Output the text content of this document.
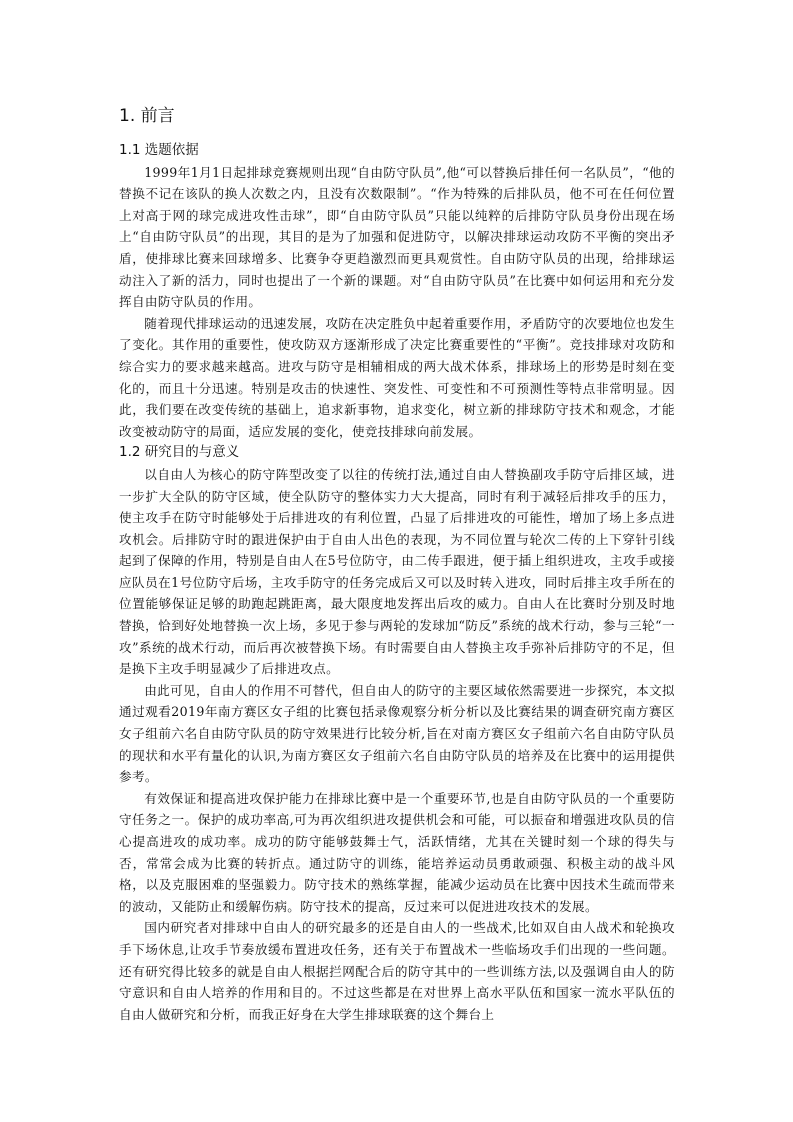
1. 前言
1.1 选题依据

1999年1月1日起排球竞赛规则出现“自由防守队员”,他“可以替换后排任何一名队员”，“他的替换不记在该队的换人次数之内，且没有次数限制”。“作为特殊的后排队员，他不可在任何位置上对高于网的球完成进攻性击球”，即“自由防守队员”只能以纯粹的后排防守队员身份出现在场上“自由防守队员”的出现，其目的是为了加强和促进防守，以解决排球运动攻防不平衡的突出矛盾，使排球比赛来回球增多、比赛争夺更趋激烈而更具观赏性。自由防守队员的出现，给排球运动注入了新的活力，同时也提出了一个新的课题。对“自由防守队员”在比赛中如何运用和充分发挥自由防守队员的作用。

随着现代排球运动的迅速发展，攻防在决定胜负中起着重要作用，矛盾防守的次要地位也发生了变化。其作用的重要性，使攻防双方逐渐形成了决定比赛重要性的“平衡”。竞技排球对攻防和综合实力的要求越来越高。进攻与防守是相辅相成的两大战术体系，排球场上的形势是时刻在变化的，而且十分迅速。特别是攻击的快速性、突发性、可变性和不可预测性等特点非常明显。因此，我们要在改变传统的基础上，追求新事物，追求变化，树立新的排球防守技术和观念，才能改变被动防守的局面，适应发展的变化，使竞技排球向前发展。

1.2 研究目的与意义

以自由人为核心的防守阵型改变了以往的传统打法,通过自由人替换副攻手防守后排区域，进一步扩大全队的防守区域，使全队防守的整体实力大大提高，同时有利于减轻后排攻手的压力，使主攻手在防守时能够处于后排进攻的有利位置，凸显了后排进攻的可能性，增加了场上多点进攻机会。后排防守时的跟进保护由于自由人出色的表现，为不同位置与轮次二传的上下穿针引线起到了保障的作用，特别是自由人在5号位防守，由二传手跟进，便于插上组织进攻，主攻手或接应队员在1号位防守后场，主攻手防守的任务完成后又可以及时转入进攻，同时后排主攻手所在的位置能够保证足够的助跑起跳距离，最大限度地发挥出后攻的威力。自由人在比赛时分别及时地替换，恰到好处地替换一次上场，多见于参与两轮的发球加“防反”系统的战术行动，参与三轮“一攻”系统的战术行动，而后再次被替换下场。有时需要自由人替换主攻手弥补后排防守的不足，但是换下主攻手明显减少了后排进攻点。

由此可见，自由人的作用不可替代，但自由人的防守的主要区域依然需要进一步探究，本文拟通过观看2019年南方赛区女子组的比赛包括录像观察分析分析以及比赛结果的调查研究南方赛区女子组前六名自由防守队员的防守效果进行比较分析,旨在对南方赛区女子组前六名自由防守队员的现状和水平有量化的认识,为南方赛区女子组前六名自由防守队员的培养及在比赛中的运用提供参考。

有效保证和提高进攻保护能力在排球比赛中是一个重要环节,也是自由防守队员的一个重要防守任务之一。保护的成功率高,可为再次组织进攻提供机会和可能，可以振奋和增强进攻队员的信心提高进攻的成功率。成功的防守能够鼓舞士气，活跃情绪，尤其在关键时刻一个球的得失与否，常常会成为比赛的转折点。通过防守的训练，能培养运动员勇敢顽强、积极主动的战斗风格，以及克服困难的坚强毅力。防守技术的熟练掌握，能减少运动员在比赛中因技术生疏而带来的波动，又能防止和缓解伤病。防守技术的提高，反过来可以促进进攻技术的发展。

国内研究者对排球中自由人的研究最多的还是自由人的一些战术,比如双自由人战术和轮换攻手下场休息,让攻手节奏放缓布置进攻任务，还有关于布置战术一些临场攻手们出现的一些问题。还有研究得比较多的就是自由人根据拦网配合后的防守其中的一些训练方法,以及强调自由人的防守意识和自由人培养的作用和目的。不过这些都是在对世界上高水平队伍和国家一流水平队伍的自由人做研究和分析，而我正好身在大学生排球联赛的这个舞台上
